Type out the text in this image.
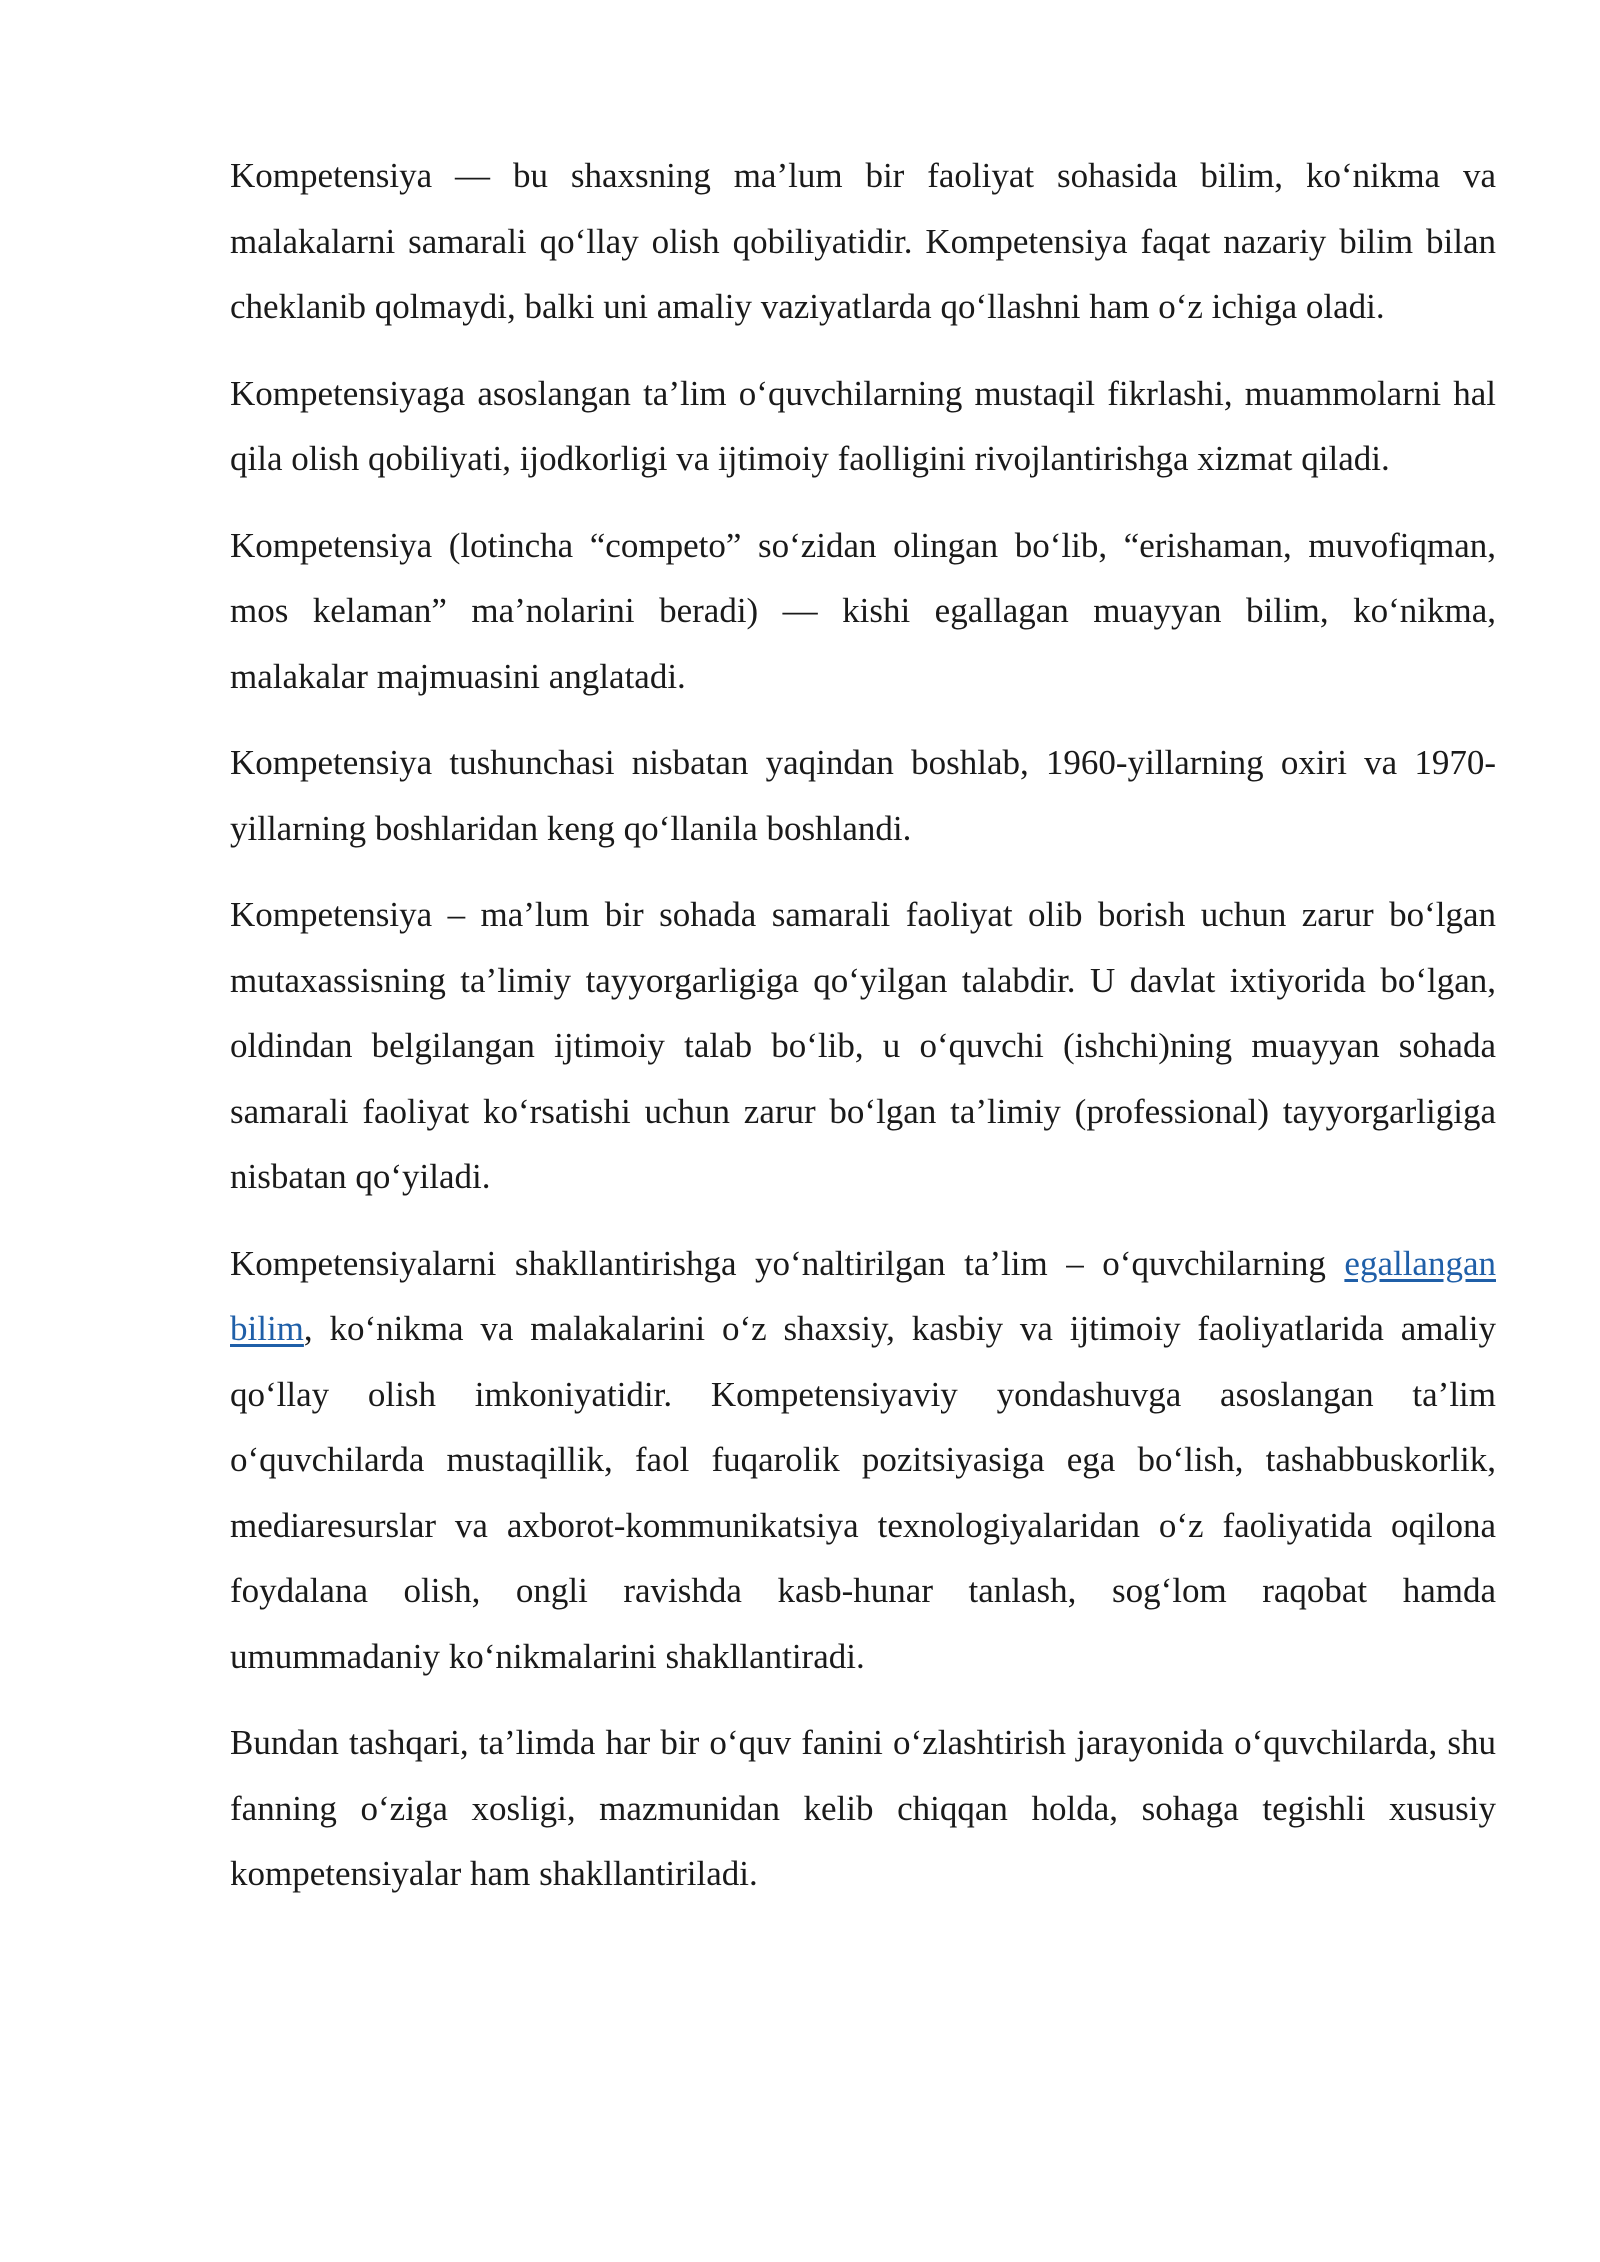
Kompetensiya — bu shaxsning ma’lum bir faoliyat sohasida bilim, ko‘nikma va malakalarni samarali qo‘llay olish qobiliyatidir. Kompetensiya faqat nazariy bilim bilan cheklanib qolmaydi, balki uni amaliy vaziyatlarda qo‘llashni ham o‘z ichiga oladi.

Kompetensiyaga asoslangan ta’lim o‘quvchilarning mustaqil fikrlashi, muammolarni hal qila olish qobiliyati, ijodkorligi va ijtimoiy faolligini rivojlantirishga xizmat qiladi.

Kompetensiya (lotincha “competo” so‘zidan olingan bo‘lib, “erishaman, muvofiqman, mos kelaman” ma’nolarini beradi) — kishi egallagan muayyan bilim, ko‘nikma, malakalar majmuasini anglatadi.

Kompetensiya tushunchasi nisbatan yaqindan boshlab, 1960-yillarning oxiri va 1970-yillarning boshlaridan keng qo‘llanila boshlandi.

Kompetensiya – ma’lum bir sohada samarali faoliyat olib borish uchun zarur bo‘lgan mutaxassisning ta’limiy tayyorgarligiga qo‘yilgan talabdir. U davlat ixtiyorida bo‘lgan, oldindan belgilangan ijtimoiy talab bo‘lib, u o‘quvchi (ishchi)ning muayyan sohada samarali faoliyat ko‘rsatishi uchun zarur bo‘lgan ta’limiy (professional) tayyorgarligiga nisbatan qo‘yiladi.

Kompetensiyalarni shakllantirishga yo‘naltirilgan ta’lim – o‘quvchilarning egallangan bilim, ko‘nikma va malakalarini o‘z shaxsiy, kasbiy va ijtimoiy faoliyatlarida amaliy qo‘llay olish imkoniyatidir. Kompetensiyaviy yondashuvga asoslangan ta’lim o‘quvchilarda mustaqillik, faol fuqarolik pozitsiyasiga ega bo‘lish, tashabbuskorlik, mediaresurslar va axborot-kommunikatsiya texnologiyalaridan o‘z faoliyatida oqilona foydalana olish, ongli ravishda kasb-hunar tanlash, sog‘lom raqobat hamda umummadaniy ko‘nikmalarini shakllantiradi.

Bundan tashqari, ta’limda har bir o‘quv fanini o‘zlashtirish jarayonida o‘quvchilarda, shu fanning o‘ziga xosligi, mazmunidan kelib chiqqan holda, sohaga tegishli xususiy kompetensiyalar ham shakllantiriladi.
